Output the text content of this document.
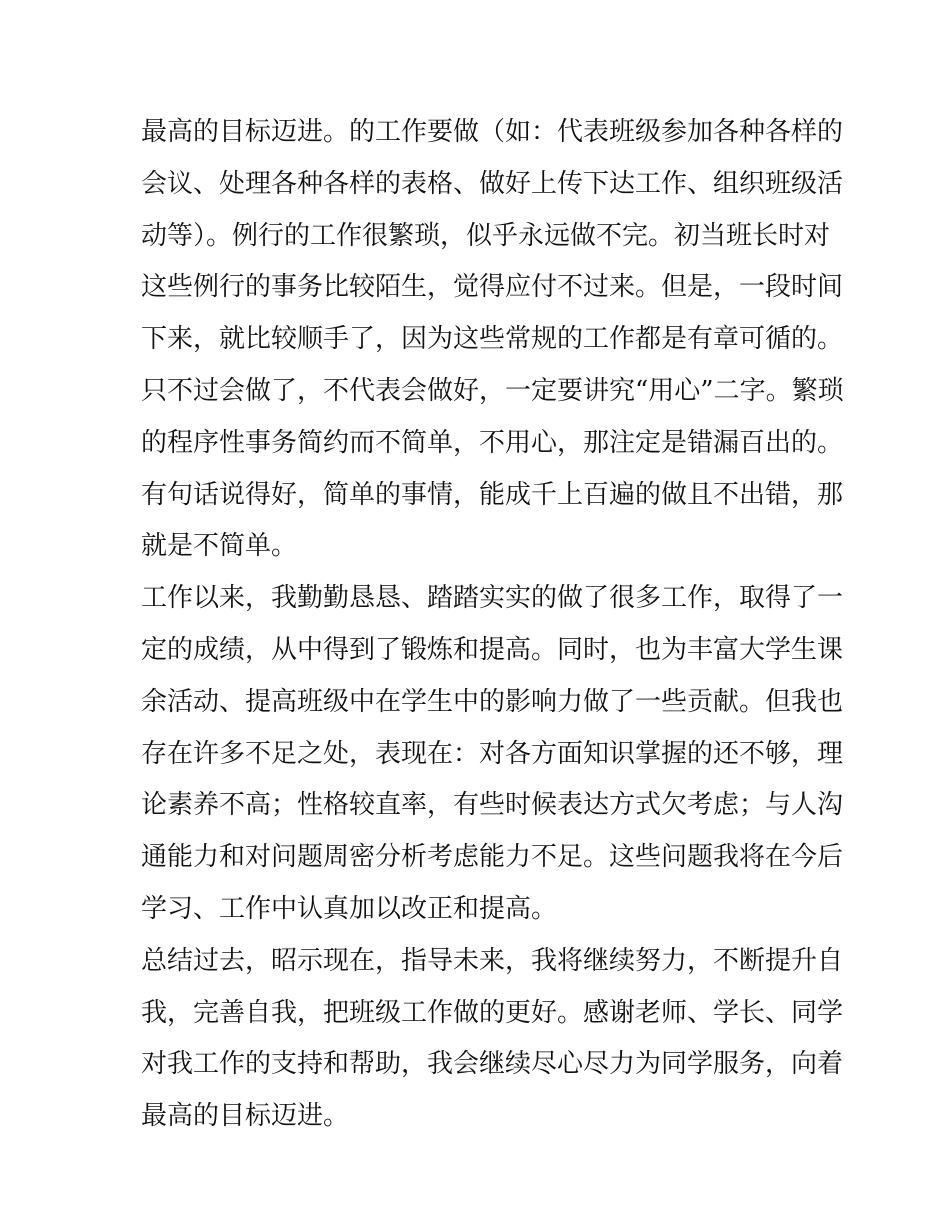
最高的目标迈进。的工作要做（如：代表班级参加各种各样的
会议、处理各种各样的表格、做好上传下达工作、组织班级活
动等）。例行的工作很繁琐，似乎永远做不完。初当班长时对
这些例行的事务比较陌生，觉得应付不过来。但是，一段时间
下来，就比较顺手了，因为这些常规的工作都是有章可循的。
只不过会做了，不代表会做好，一定要讲究“用心”二字。繁琐
的程序性事务简约而不简单，不用心，那注定是错漏百出的。
有句话说得好，简单的事情，能成千上百遍的做且不出错，那
就是不简单。
工作以来，我勤勤恳恳、踏踏实实的做了很多工作，取得了一
定的成绩，从中得到了锻炼和提高。同时，也为丰富大学生课
余活动、提高班级中在学生中的影响力做了一些贡献。但我也
存在许多不足之处，表现在：对各方面知识掌握的还不够，理
论素养不高；性格较直率，有些时候表达方式欠考虑；与人沟
通能力和对问题周密分析考虑能力不足。这些问题我将在今后
学习、工作中认真加以改正和提高。
总结过去，昭示现在，指导未来，我将继续努力，不断提升自
我，完善自我，把班级工作做的更好。感谢老师、学长、同学
对我工作的支持和帮助，我会继续尽心尽力为同学服务，向着
最高的目标迈进。
